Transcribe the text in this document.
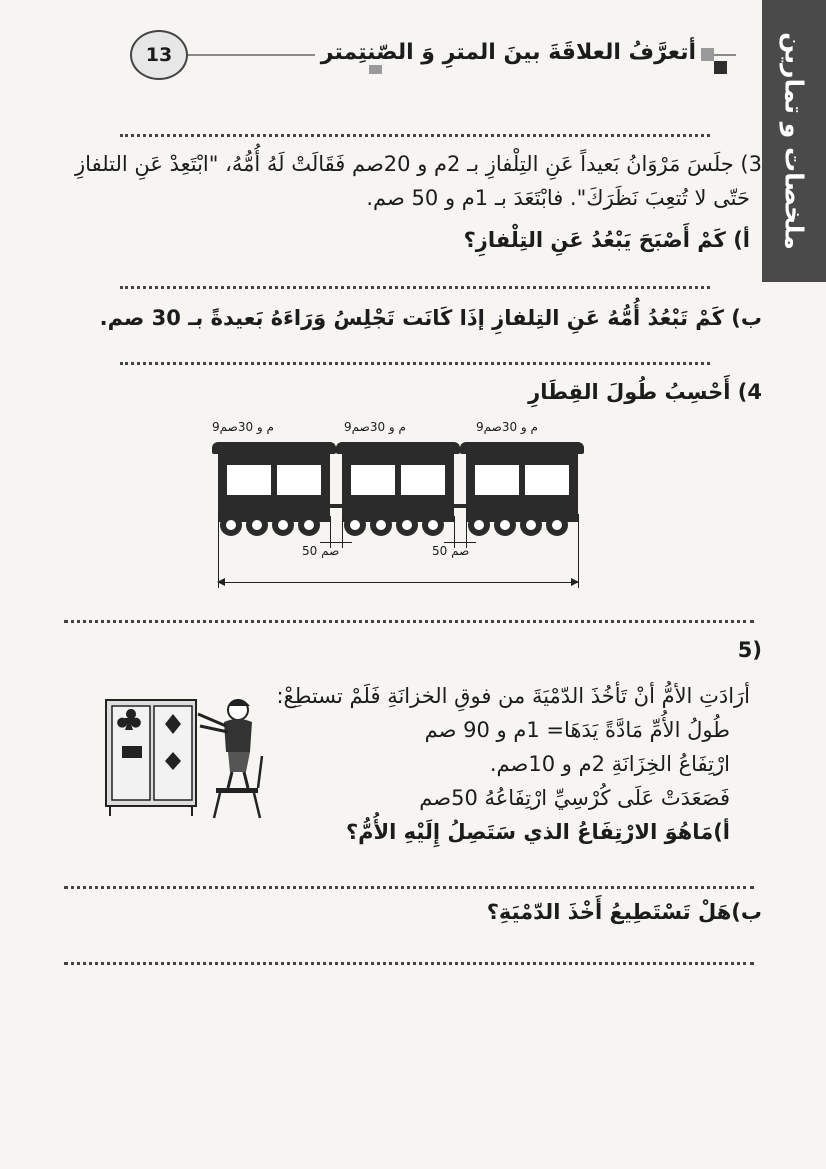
ملخصات و تمارين
13	أتعرَّفُ العلاقَةَ بينَ المترِ وَ الصّنتِمتر
3) جلَسَ مَرْوَانُ بَعيداً عَنِ التِلْفازِ بـ 2م و 20صم فَقَالَتْ لَهُ أُمُّهُ، "ابْتَعِدْ عَنِ التلفازِ
حَتّى لا تُتعِبَ نَظَرَكَ". فابْتَعَدَ بـ 1م و 50 صم.
أ) كَمْ أَصْبَحَ يَبْعُدُ عَنِ التِلْفازِ؟
ب) كَمْ تَبْعُدُ أُمُّهُ عَنِ التِلفازِ إذَا كَانَت تَجْلِسُ وَرَاءَهُ بَعيدةً بـ 30 صم.
4) أَحْسِبُ طُولَ القِطَارِ
9م و 30صم	9م و 30صم	9م و 30صم
50 صم	50 صم
(5
أرَادَتِ الأمُّ أنْ تَأخُذَ الدّمْيَةَ من فوقِ الخزانَةِ فَلَمْ تستطِعْ:
طُولُ الأُمِّ مَادَّةً يَدَهَا= 1م و 90 صم
ارْتِفَاعُ الخِزَانَةِ 2م و 10صم.
فَصَعَدَتْ عَلَى كُرْسِيِّ ارْتِفَاعُهُ 50صم
أ)مَاهُوَ الارْتِفَاعُ الذي سَتَصِلُ إِلَيْهِ الأُمُّ؟
ب)هَلْ تَسْتَطِيعُ أَخْذَ الدّمْيَةِ؟
